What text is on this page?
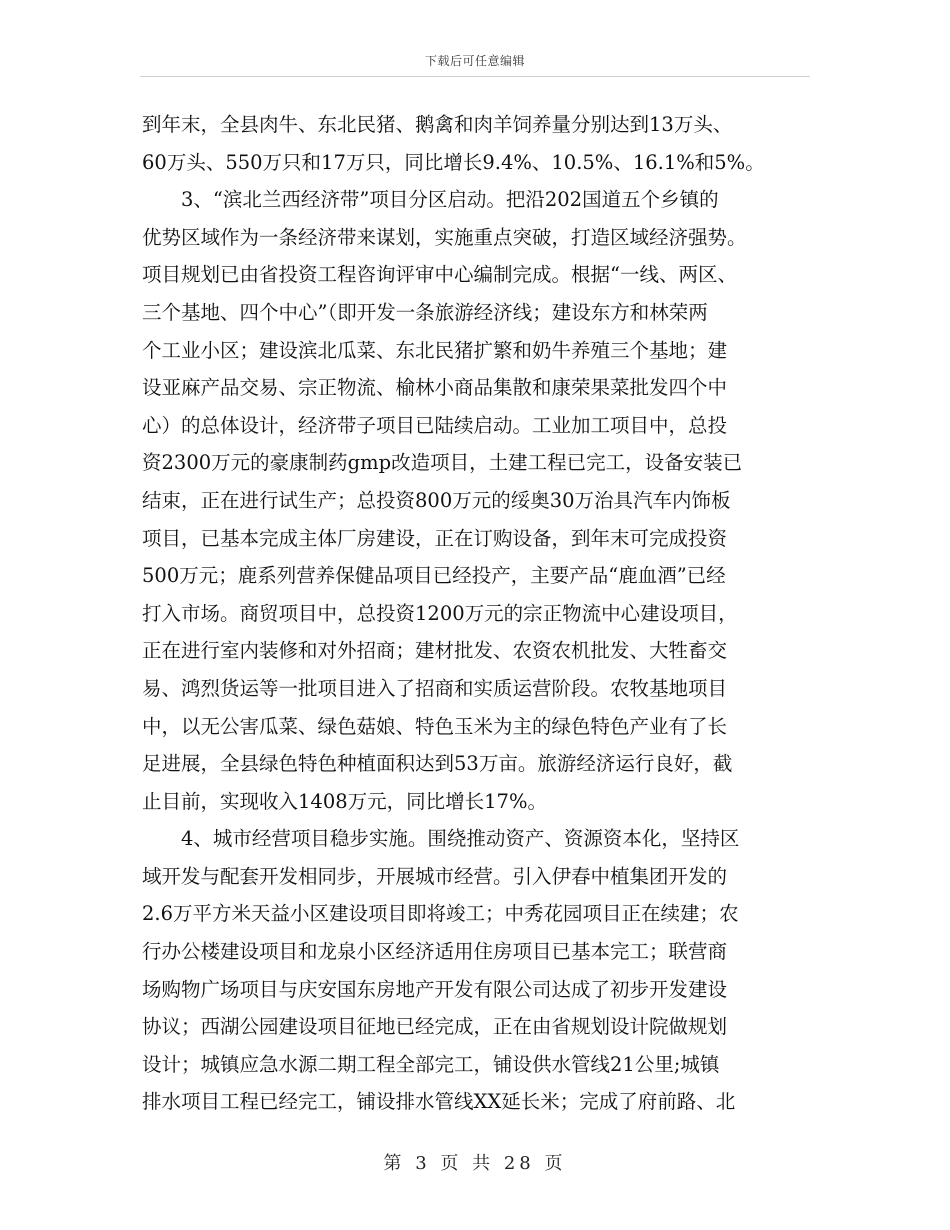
下载后可任意编辑
到年末，全县肉牛、东北民猪、鹅禽和肉羊饲养量分别达到13万头、
60万头、550万只和17万只，同比增长9.4%、10.5%、16.1%和5%。
3、“滨北兰西经济带”项目分区启动。把沿202国道五个乡镇的
优势区域作为一条经济带来谋划，实施重点突破，打造区域经济强势。
项目规划已由省投资工程咨询评审中心编制完成。根据“一线、两区、
三个基地、四个中心”（即开发一条旅游经济线；建设东方和林荣两
个工业小区；建设滨北瓜菜、东北民猪扩繁和奶牛养殖三个基地；建
设亚麻产品交易、宗正物流、榆林小商品集散和康荣果菜批发四个中
心）的总体设计，经济带子项目已陆续启动。工业加工项目中，总投
资2300万元的豪康制药gmp改造项目，土建工程已完工，设备安装已
结束，正在进行试生产；总投资800万元的绥奥30万治具汽车内饰板
项目，已基本完成主体厂房建设，正在订购设备，到年末可完成投资
500万元；鹿系列营养保健品项目已经投产，主要产品“鹿血酒”已经
打入市场。商贸项目中，总投资1200万元的宗正物流中心建设项目，
正在进行室内装修和对外招商；建材批发、农资农机批发、大牲畜交
易、鸿烈货运等一批项目进入了招商和实质运营阶段。农牧基地项目
中，以无公害瓜菜、绿色菇娘、特色玉米为主的绿色特色产业有了长
足进展，全县绿色特色种植面积达到53万亩。旅游经济运行良好，截
止目前，实现收入1408万元，同比增长17%。
4、城市经营项目稳步实施。围绕推动资产、资源资本化，坚持区
域开发与配套开发相同步，开展城市经营。引入伊春中植集团开发的
2.6万平方米天益小区建设项目即将竣工；中秀花园项目正在续建；农
行办公楼建设项目和龙泉小区经济适用住房项目已基本完工；联营商
场购物广场项目与庆安国东房地产开发有限公司达成了初步开发建设
协议；西湖公园建设项目征地已经完成，正在由省规划设计院做规划
设计；城镇应急水源二期工程全部完工，铺设供水管线21公里;城镇
排水项目工程已经完工，铺设排水管线XX延长米；完成了府前路、北
第 3 页 共 28 页
